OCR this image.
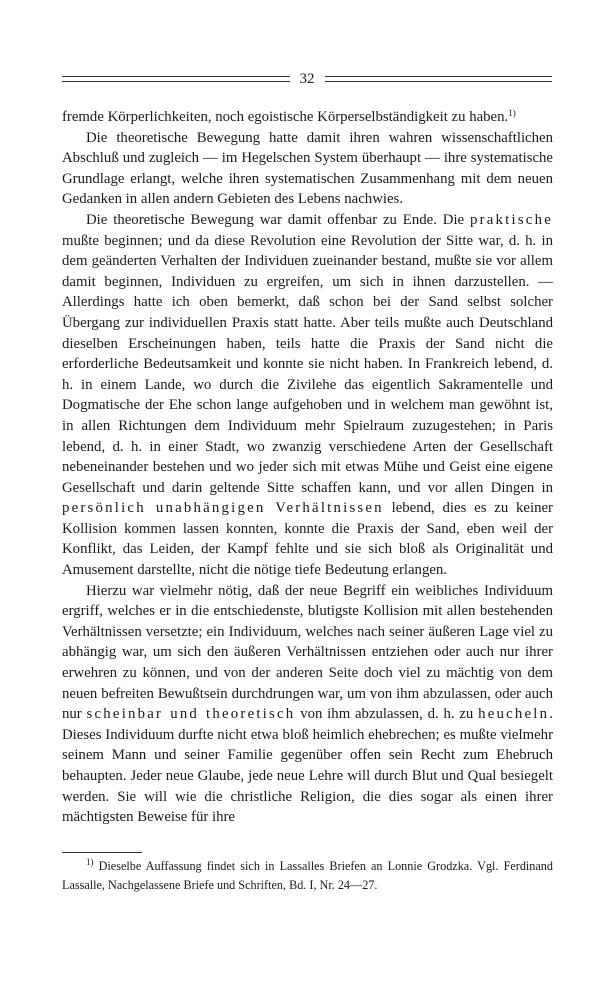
32

fremde Körperlichkeiten, noch egoistische Körperselbständigkeit zu haben.$^{1)}$

Die theoretische Bewegung hatte damit ihren wahren wissenschaftlichen Abschluß und zugleich — im Hegelschen System überhaupt — ihre systematische Grundlage erlangt, welche ihren systematischen Zusammenhang mit dem neuen Gedanken in allen andern Gebieten des Lebens nachwies.

Die theoretische Bewegung war damit offenbar zu Ende. Die praktische mußte beginnen; und da diese Revolution eine Revolution der Sitte war, d. h. in dem geänderten Verhalten der Individuen zueinander bestand, mußte sie vor allem damit beginnen, Individuen zu ergreifen, um sich in ihnen darzustellen. — Allerdings hatte ich oben bemerkt, daß schon bei der Sand selbst solcher Übergang zur individuellen Praxis statt hatte. Aber teils mußte auch Deutschland dieselben Erscheinungen haben, teils hatte die Praxis der Sand nicht die erforderliche Bedeutsamkeit und konnte sie nicht haben. In Frankreich lebend, d. h. in einem Lande, wo durch die Zivilehe das eigentlich Sakramentelle und Dogmatische der Ehe schon lange aufgehoben und in welchem man gewöhnt ist, in allen Richtungen dem Individuum mehr Spielraum zuzugestehen; in Paris lebend, d. h. in einer Stadt, wo zwanzig verschiedene Arten der Gesellschaft nebeneinander bestehen und wo jeder sich mit etwas Mühe und Geist eine eigene Gesellschaft und darin geltende Sitte schaffen kann, und vor allen Dingen in persönlich unabhängigen Verhältnissen lebend, dies es zu keiner Kollision kommen lassen konnten, konnte die Praxis der Sand, eben weil der Konflikt, das Leiden, der Kampf fehlte und sie sich bloß als Originalität und Amusement darstellte, nicht die nötige tiefe Bedeutung erlangen.

Hierzu war vielmehr nötig, daß der neue Begriff ein weibliches Individuum ergriff, welches er in die entschiedenste, blutigste Kollision mit allen bestehenden Verhältnissen versetzte; ein Individuum, welches nach seiner äußeren Lage viel zu abhängig war, um sich den äußeren Verhältnissen entziehen oder auch nur ihrer erwehren zu können, und von der anderen Seite doch viel zu mächtig von dem neuen befreiten Bewußtsein durchdrungen war, um von ihm abzulassen, oder auch nur scheinbar und theoretisch von ihm abzulassen, d. h. zu heucheln. Dieses Individuum durfte nicht etwa bloß heimlich ehebrechen; es mußte vielmehr seinem Mann und seiner Familie gegenüber offen sein Recht zum Ehebruch behaupten. Jeder neue Glaube, jede neue Lehre will durch Blut und Qual besiegelt werden. Sie will wie die christliche Religion, die dies sogar als einen ihrer mächtigsten Beweise für ihre

$^{1)}$ Dieselbe Auffassung findet sich in Lassalles Briefen an Lonnie Grodzka. Vgl. Ferdinand Lassalle, Nachgelassene Briefe und Schriften, Bd. I, Nr. 24—27.
